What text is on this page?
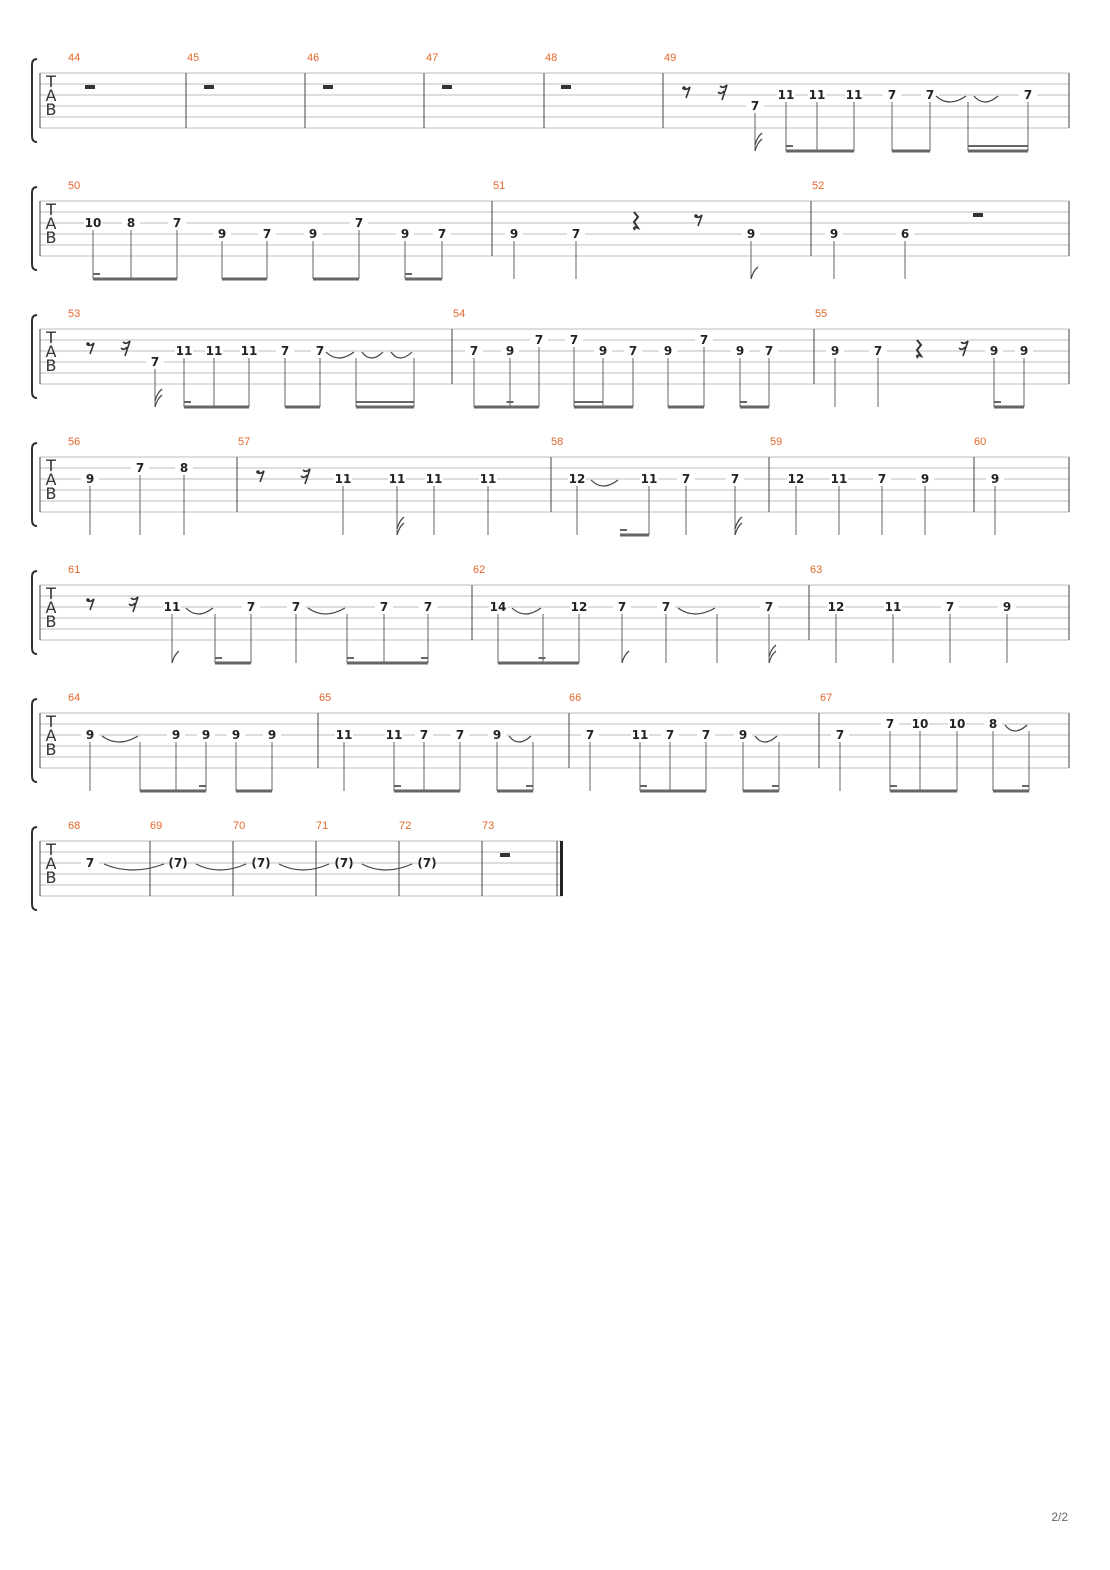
T
A
B
44	45	46	47	48	49
7
11 11 11 7 7	7
T
A
B
50	51	52
10 8	7
9	7	9
7
9 7	9	7	9	9	6
T
A
B
53	54	55
7
11 11 11 7 7	7 9
7 7
9 7 9
7
9 7	9	7	9 9
T
A
B
56	57	58	59	60
9
7	8
11	11 11	11	12	11 7	7	12 11	7	9	9
T
A
B
61	62	63
11	7	7	7	7	14	12	7	7	7	12	11	7	9
T
A
B
64	65	66	67
9	9 9 9 9	11	11 7 7 9	7	11 7 7 9	7
7 10 10 8
T
A
B
68	69	70	71	72	73
7	(7)	(7)	(7)	(7)
2/2
